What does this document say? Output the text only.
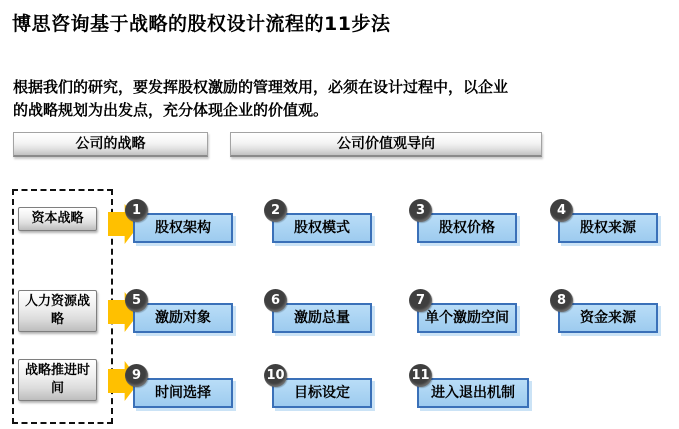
博思咨询基于战略的股权设计流程的11步法
根据我们的研究，要发挥股权激励的管理效用，必须在设计过程中，以企业的战略规划为出发点，充分体现企业的价值观。
公司的战略	公司价值观导向
资本战略
人力资源战略
战略推进时间
1
股权架构
2
股权模式
3
股权价格
4
股权来源
5
激励对象
6
激励总量
7
单个激励空间
8
资金来源
9
时间选择
10
目标设定
11
进入退出机制
